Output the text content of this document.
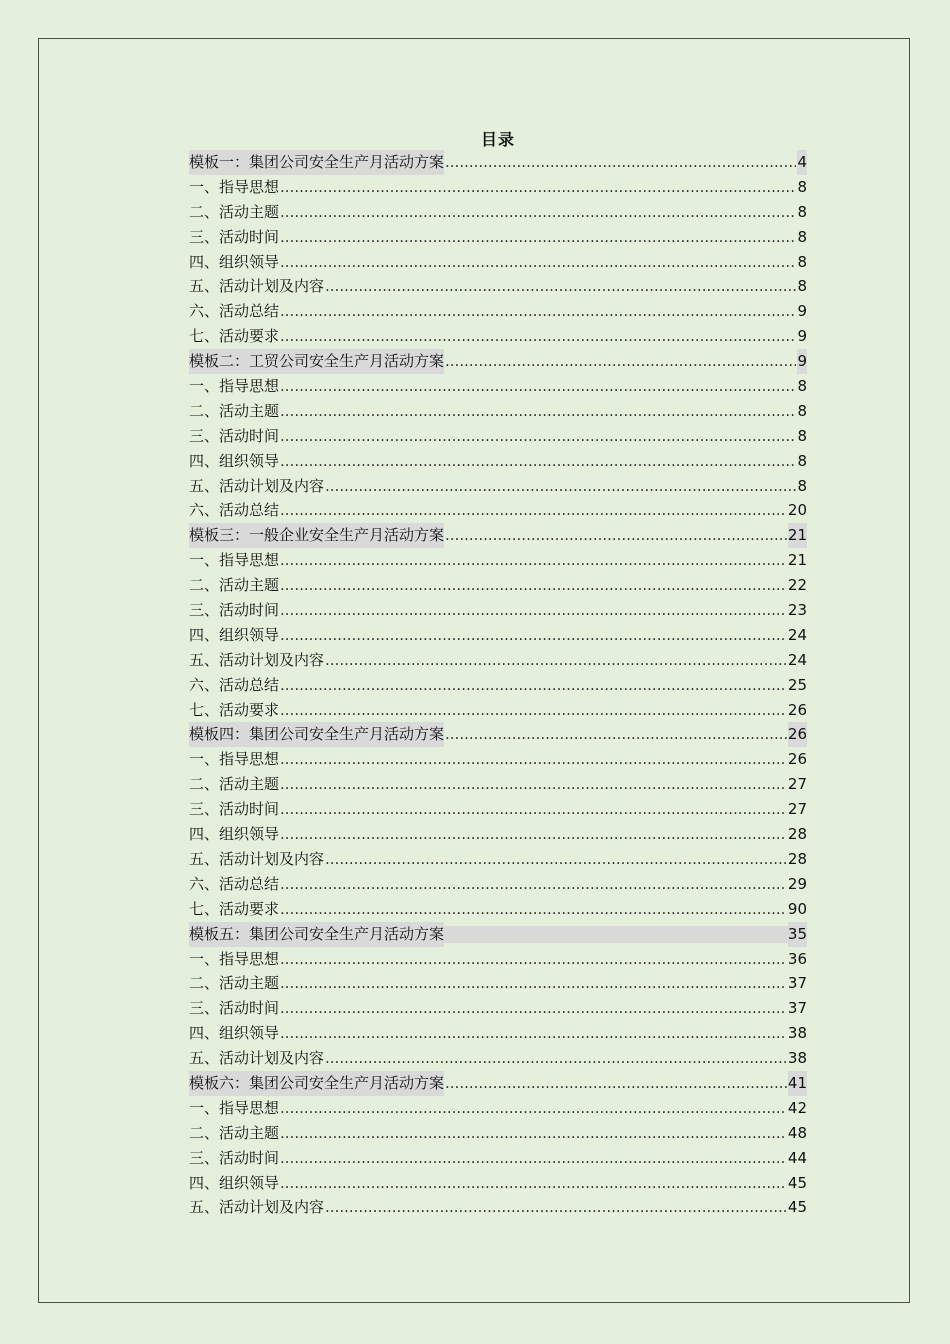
目录
模板一：集团公司安全生产月活动方案 .....	4
一、指导思想 .....	8
二、活动主题 .....	8
三、活动时间 .....	8
四、组织领导 .....	8
五、活动计划及内容 .....	8
六、活动总结 .....	9
七、活动要求 .....	9
模板二：工贸公司安全生产月活动方案 .....	9
一、指导思想 .....	8
二、活动主题 .....	8
三、活动时间 .....	8
四、组织领导 .....	8
五、活动计划及内容 .....	8
六、活动总结 .....	20
模板三：一般企业安全生产月活动方案 .....	21
一、指导思想 .....	21
二、活动主题 .....	22
三、活动时间 .....	23
四、组织领导 .....	24
五、活动计划及内容 .....	24
六、活动总结 .....	25
七、活动要求 .....	26
模板四：集团公司安全生产月活动方案 .....	26
一、指导思想 .....	26
二、活动主题 .....	27
三、活动时间 .....	27
四、组织领导 .....	28
五、活动计划及内容 .....	28
六、活动总结 .....	29
七、活动要求 .....	90
模板五：集团公司安全生产月活动方案	35
一、指导思想 .....	36
二、活动主题 .....	37
三、活动时间 .....	37
四、组织领导 .....	38
五、活动计划及内容 .....	38
模板六：集团公司安全生产月活动方案 .....	41
一、指导思想 .....	42
二、活动主题 .....	48
三、活动时间 .....	44
四、组织领导 .....	45
五、活动计划及内容 .....	45
